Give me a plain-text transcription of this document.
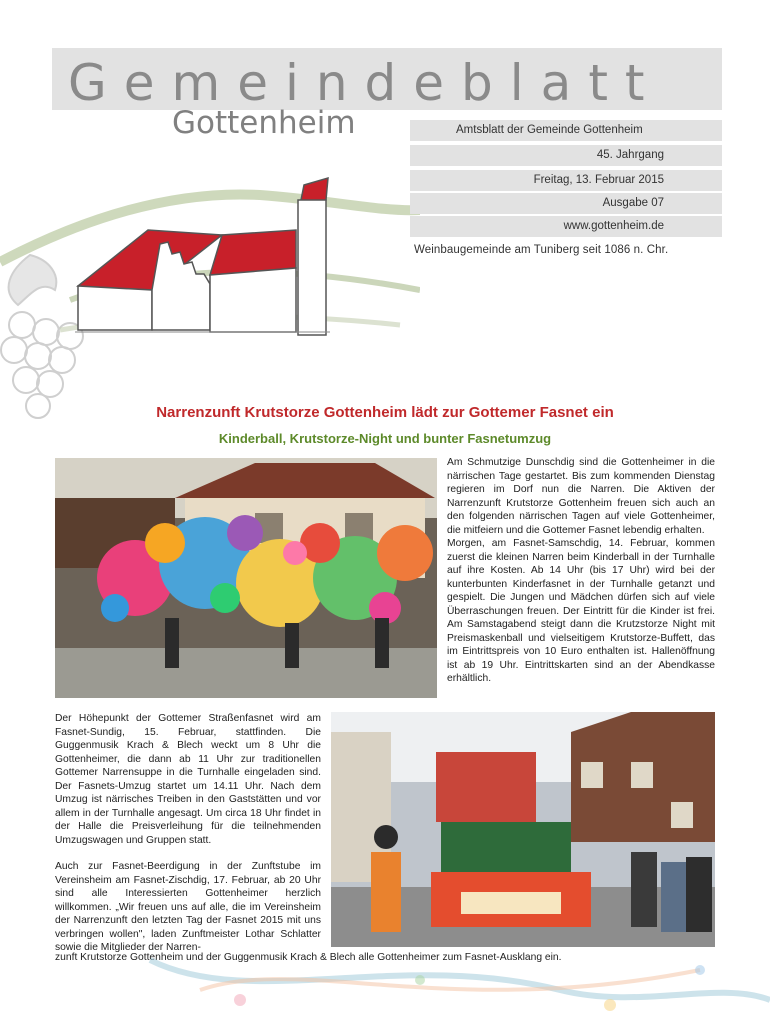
Gemeindeblatt
Gottenheim	Amtsblatt der Gemeinde Gottenheim
45. Jahrgang
Freitag, 13. Februar 2015
Ausgabe 07
www.gottenheim.de
Weinbaugemeinde am Tuniberg seit 1086 n. Chr.
Narrenzunft Krutstorze Gottenheim lädt zur Gottemer Fasnet ein
Kinderball, Krutstorze-Night und bunter Fasnetumzug
Am Schmutzige Dunschdig sind die Gottenheimer in die närrischen Tage gestartet. Bis zum kommenden Dienstag regieren im Dorf nun die Narren. Die Aktiven der Narrenzunft Krutstorze Gottenheim freuen sich auch an den folgenden närrischen Tagen auf viele Gottenheimer, die mitfeiern und die Gottemer Fasnet lebendig erhalten.
Morgen, am Fasnet-Samschdig, 14. Februar, kommen zuerst die kleinen Narren beim Kinderball in der Turnhalle auf ihre Kosten. Ab 14 Uhr (bis 17 Uhr) wird bei der kunterbunten Kinderfasnet in der Turnhalle getanzt und gespielt. Die Jungen und Mädchen dürfen sich auf viele Überraschungen freuen. Der Eintritt für die Kinder ist frei. Am Samstagabend steigt dann die Krutzstorze Night mit Preismaskenball und vielseitigem Krutstorze-Buffett, das im Eintrittspreis von 10 Euro enthalten ist. Hallenöffnung ist ab 19 Uhr. Eintrittskarten sind an der Abendkasse erhältlich.
Der Höhepunkt der Gottemer Straßenfasnet wird am Fasnet-Sundig, 15. Februar, stattfinden. Die Guggenmusik Krach & Blech weckt um 8 Uhr die Gottenheimer, die dann ab 11 Uhr zur traditionellen Gottemer Narrensuppe in die Turnhalle eingeladen sind. Der Fasnets-Umzug startet um 14.11 Uhr. Nach dem Umzug ist närrisches Treiben in den Gaststätten und vor allem in der Turnhalle angesagt. Um circa 18 Uhr findet in der Halle die Preisverleihung für die teilnehmenden Umzugswagen und Gruppen statt.
Auch zur Fasnet-Beerdigung in der Zunftstube im Vereinsheim am Fasnet-Zischdig, 17. Februar, ab 20 Uhr sind alle Interessierten Gottenheimer herzlich willkommen. „Wir freuen uns auf alle, die im Vereinsheim der Narrenzunft den letzten Tag der Fasnet 2015 mit uns verbringen wollen", laden Zunftmeister Lothar Schlatter sowie die Mitglieder der Narren-
zunft Krutstorze Gottenheim und der Guggenmusik Krach & Blech alle Gottenheimer zum Fasnet-Ausklang ein.
